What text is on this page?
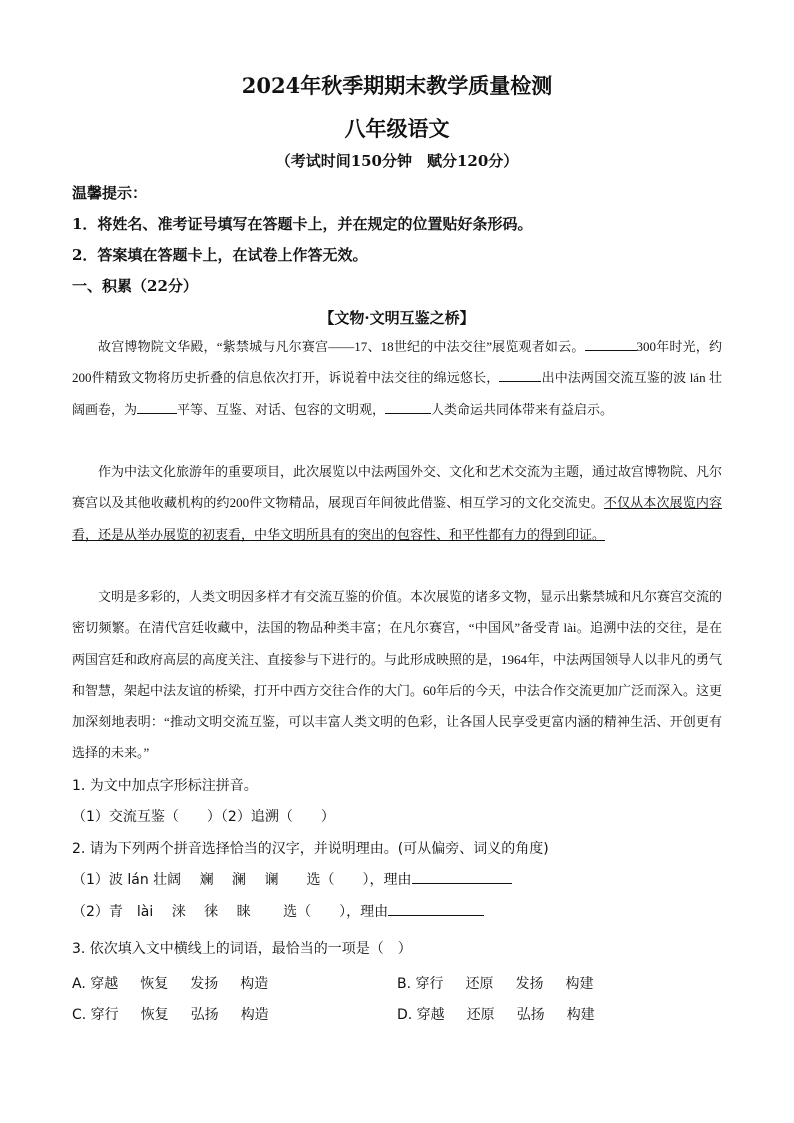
2024年秋季期期末教学质量检测
八年级语文
（考试时间150分钟　赋分120分）
温馨提示：
1．将姓名、准考证号填写在答题卡上，并在规定的位置贴好条形码。
2．答案填在答题卡上，在试卷上作答无效。
一、积累（22分）
【文物·文明互鉴之桥】
故宫博物院文华殿，“紫禁城与凡尔赛宫——17、18世纪的中法交往”展览观者如云。	300年时光，约200件精致文物将历史折叠的信息依次打开，诉说着中法交往的绵远悠长，	出中法两国交流互鉴的波 lán 壮阔画卷，为	平等、互鉴、对话、包容的文明观，	人类命运共同体带来有益启示。
作为中法文化旅游年的重要项目，此次展览以中法两国外交、文化和艺术交流为主题，通过故宫博物院、凡尔赛宫以及其他收藏机构的约200件文物精品，展现百年间彼此借鉴、相互学习的文化交流史。不仅从本次展览内容看，还是从举办展览的初衷看，中华文明所具有的突出的包容性、和平性都有力的得到印证。
文明是多彩的，人类文明因多样才有交流互鉴的价值。本次展览的诸多文物，显示出紫禁城和凡尔赛宫交流的密切频繁。在清代宫廷收藏中，法国的物品种类丰富；在凡尔赛宫，“中国风”备受青 lài。追溯中法的交往，是在两国宫廷和政府高层的高度关注、直接参与下进行的。与此形成映照的是，1964年，中法两国领导人以非凡的勇气和智慧，架起中法友谊的桥梁，打开中西方交往合作的大门。60年后的今天，中法合作交流更加广泛而深入。这更加深刻地表明：“推动文明交流互鉴，可以丰富人类文明的色彩，让各国人民享受更富内涵的精神生活、开创更有选择的未来。”
1. 为文中加点字形标注拼音。
（1）交流互鉴（　　）（2）追溯（　　）
2. 请为下列两个拼音选择恰当的汉字，并说明理由。(可从偏旁、词义的角度)
（1）波 lán 壮阔　 斓　 澜　 谰　　选（　　），理由
（2）青　lài　 涞　 徕　 睐　　 选（　　），理由
3. 依次填入文中横线上的词语，最恰当的一项是（　）
A. 穿越 恢复 发扬 构造	B. 穿行 还原 发扬 构建
C. 穿行 恢复 弘扬 构造	D. 穿越 还原 弘扬 构建
